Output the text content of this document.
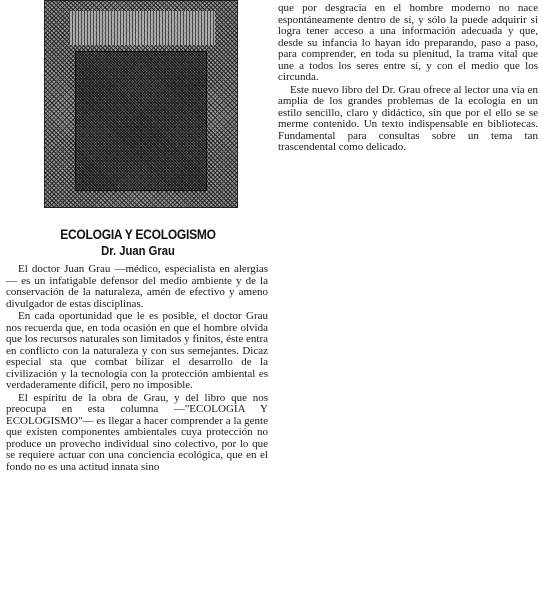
ECOLOGIA Y ECOLOGISMO
Dr. Juan Grau

El doctor Juan Grau —médico, especialista en alergias— es un infatigable defensor del medio ambiente y de la conservación de la naturaleza, amén de efectivo y ameno divulgador de estas disciplinas.

En cada oportunidad que le es posible, el doctor Grau nos recuerda que, en toda ocasión en que el hombre olvida que los recursos naturales son limitados y finitos, éste entra en conflicto con la naturaleza y con sus semejantes. Dicaz especial sta que combat bilizar el desarrollo de la civilización y la tecnología con la protección ambiental es verdaderamente difícil, pero no imposible.

El espíritu de la obra de Grau, y del libro que nos preocupa en esta columna —"ECOLOGIA Y ECOLOGISMO"— es llegar a hacer comprender a la gente que existen componentes ambientales cuya protección no produce un provecho individual sino colectivo, por lo que se requiere actuar con una conciencia ecológica, que en el fondo no es una actitud innata sino

que por desgracia en el hombre moderno no nace espontáneamente dentro de sí, y sólo la puede adquirir si logra tener acceso a una información adecuada y que, desde su infancia lo hayan ido preparando, paso a paso, para comprender, en toda su plenitud, la trama vital que une a todos los seres entre sí, y con el medio que los circunda.

Este nuevo libro del Dr. Grau ofrece al lector una vía en amplia de los grandes problemas de la ecología en un estilo sencillo, claro y didáctico, sin que por el ello se se merme contenido. Un texto indispensable en bibliotecas. Fundamental para consultas sobre un tema tan trascendental como delicado.
